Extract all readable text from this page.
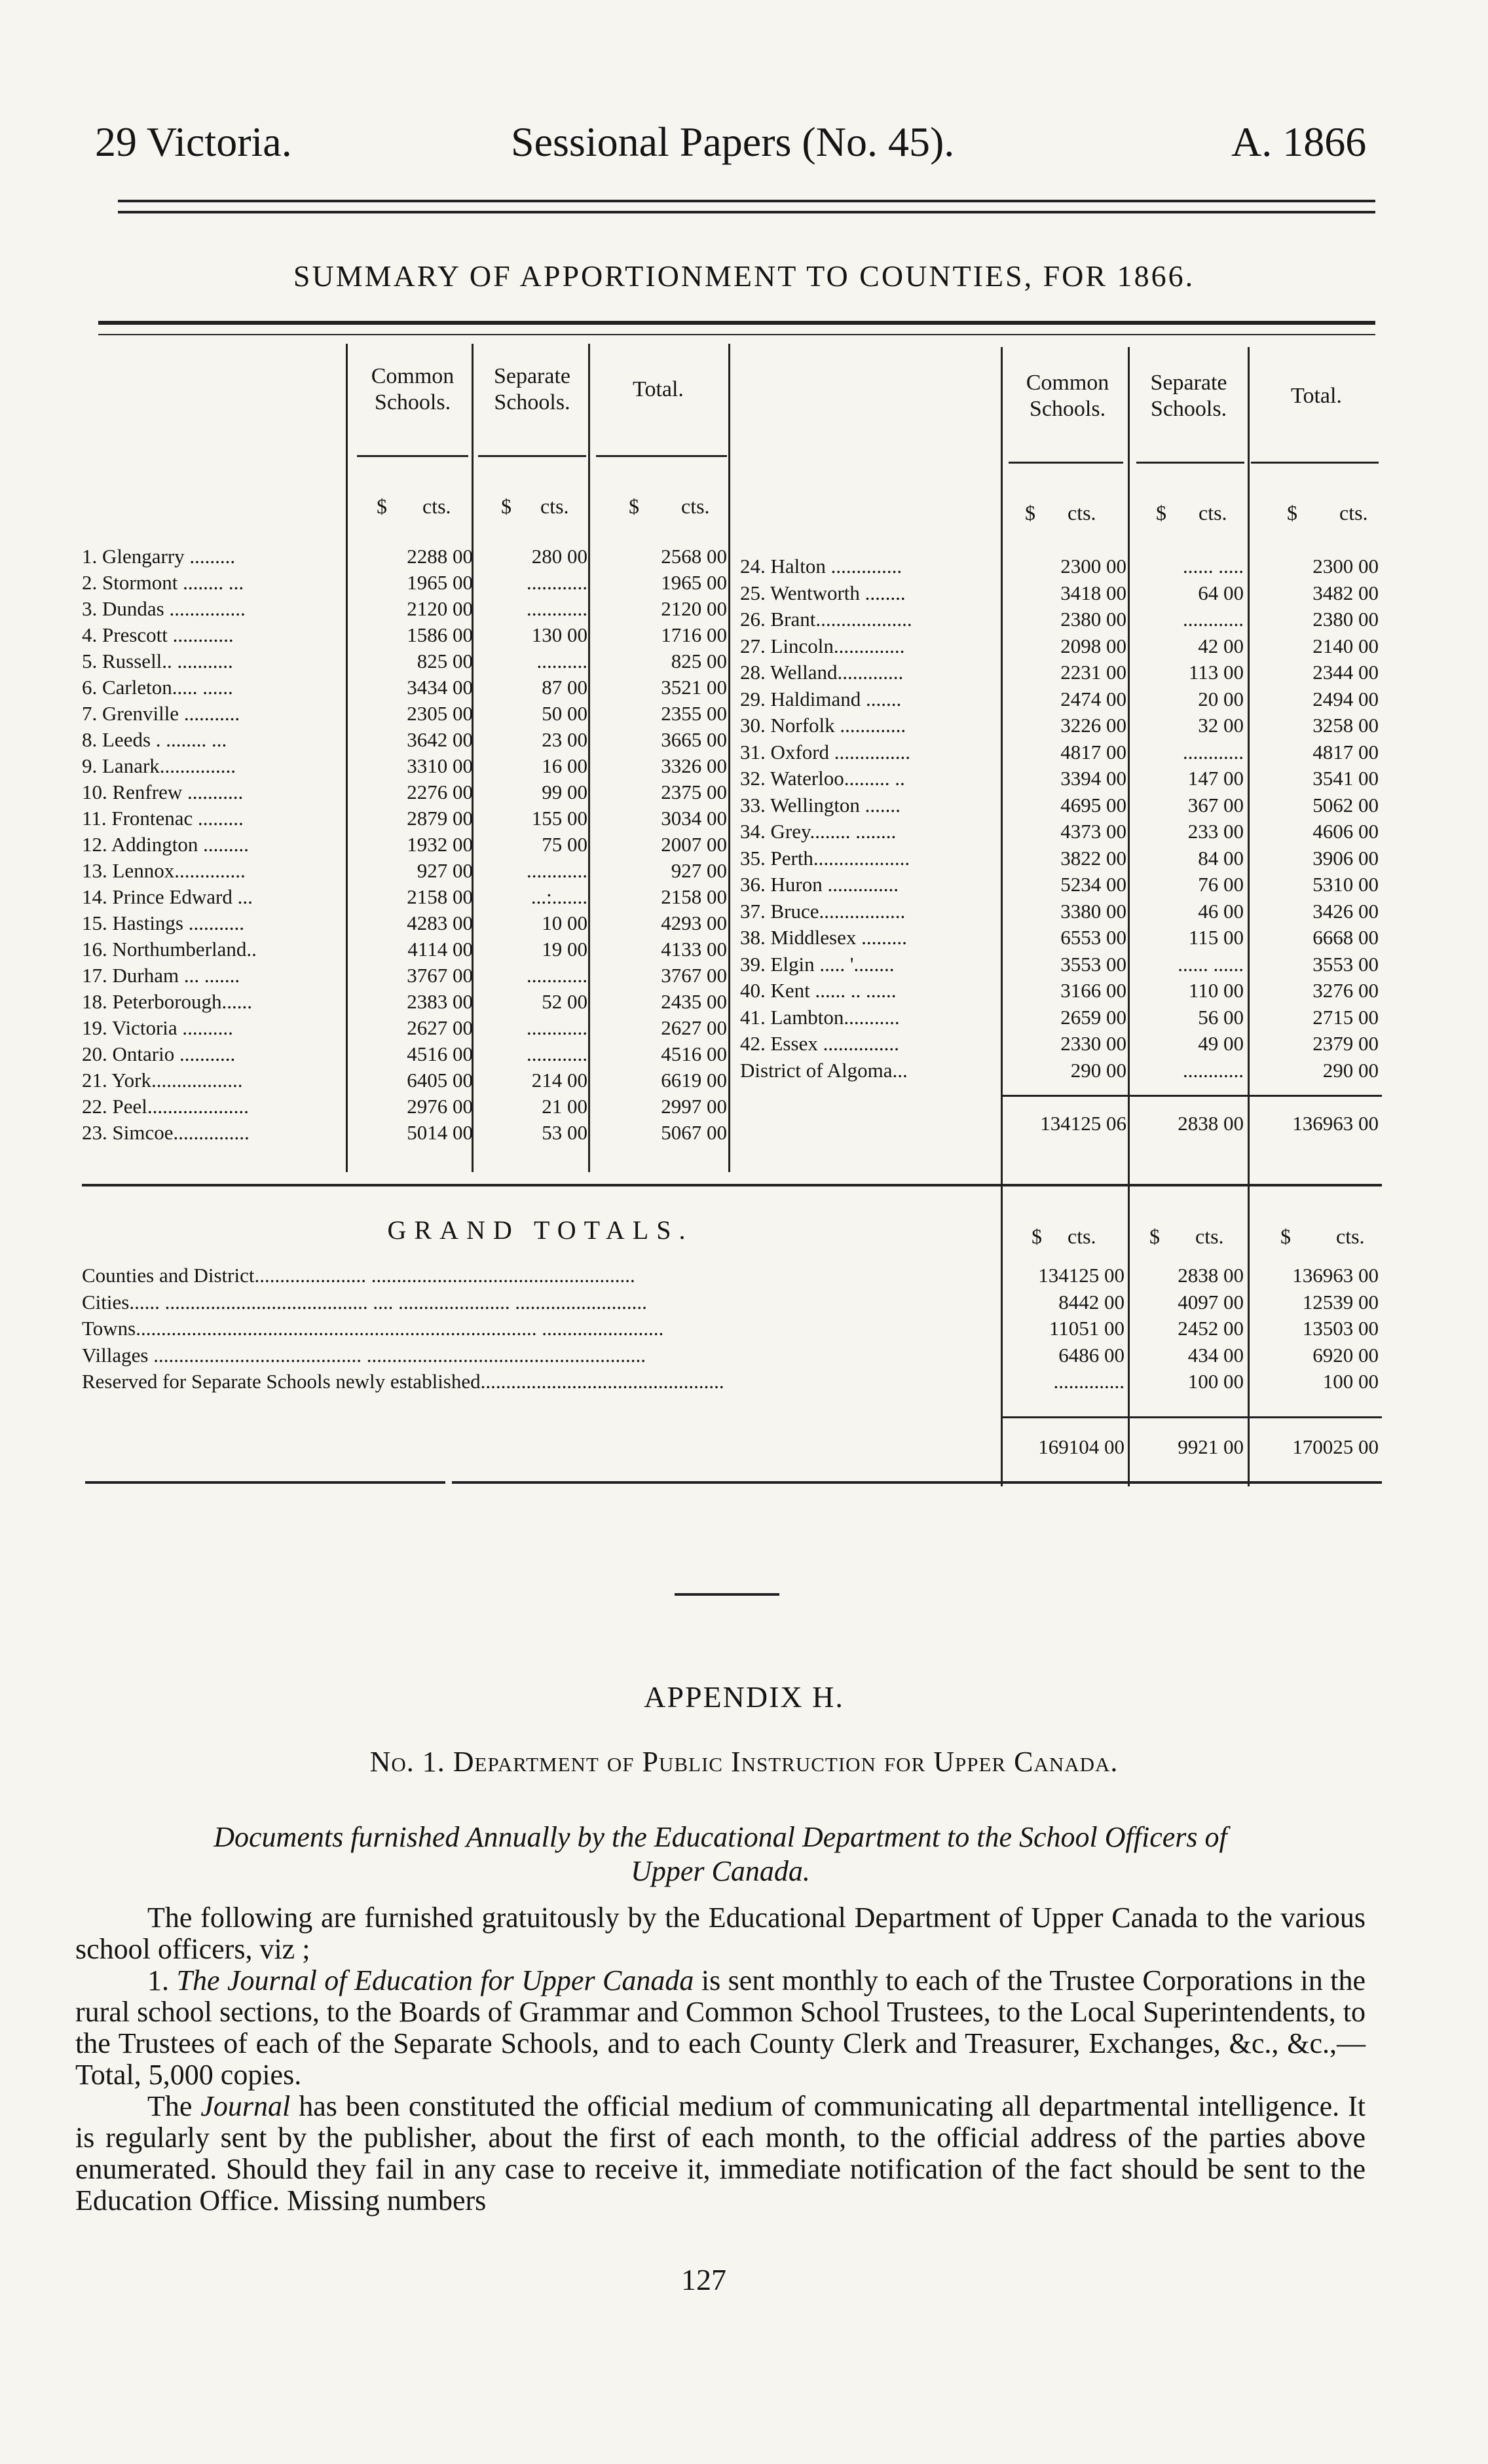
29 Victoria.	Sessional Papers (No. 45).	A. 1866
SUMMARY OF APPORTIONMENT TO COUNTIES, FOR 1866.
Common
Schools.
Separate
Schools.
Total.	Common
Schools.
Separate
Schools.
Total.
$ cts. $ cts.	$ cts.	$ cts.	$ cts.	$ cts.
1. Glengarry .........	2288 00	280 00	2568 00
2. Stormont ........ ...	1965 00	............	1965 00
3. Dundas ...............	2120 00	............	2120 00
4. Prescott ............	1586 00	130 00	1716 00
5. Russell.. ...........	825 00	..........	825 00
6. Carleton..... ......	3434 00	87 00	3521 00
7. Grenville ...........	2305 00	50 00	2355 00
8. Leeds . ........ ...	3642 00	23 00	3665 00
9. Lanark...............	3310 00	16 00	3326 00
10. Renfrew ...........	2276 00	99 00	2375 00
11. Frontenac .........	2879 00	155 00	3034 00
12. Addington .........	1932 00	75 00	2007 00
13. Lennox..............	927 00	............	927 00
14. Prince Edward ...	2158 00	...:.......	2158 00
15. Hastings ...........	4283 00	10 00	4293 00
16. Northumberland..	4114 00	19 00	4133 00
17. Durham ... .......	3767 00	............	3767 00
18. Peterborough......	2383 00	52 00	2435 00
19. Victoria ..........	2627 00	............	2627 00
20. Ontario ...........	4516 00	............	4516 00
21. York..................	6405 00	214 00	6619 00
22. Peel....................	2976 00	21 00	2997 00
23. Simcoe...............	5014 00	53 00	5067 00
24. Halton ..............	2300 00	...... .....	2300 00
25. Wentworth ........	3418 00	64 00	3482 00
26. Brant...................	2380 00	............	2380 00
27. Lincoln..............	2098 00	42 00	2140 00
28. Welland.............	2231 00	113 00	2344 00
29. Haldimand .......	2474 00	20 00	2494 00
30. Norfolk .............	3226 00	32 00	3258 00
31. Oxford ...............	4817 00	............	4817 00
32. Waterloo......... ..	3394 00	147 00	3541 00
33. Wellington .......	4695 00	367 00	5062 00
34. Grey........ ........	4373 00	233 00	4606 00
35. Perth...................	3822 00	84 00	3906 00
36. Huron ..............	5234 00	76 00	5310 00
37. Bruce.................	3380 00	46 00	3426 00
38. Middlesex .........	6553 00	115 00	6668 00
39. Elgin ..... '........	3553 00	...... ......	3553 00
40. Kent ...... .. ......	3166 00	110 00	3276 00
41. Lambton...........	2659 00	56 00	2715 00
42. Essex ...............	2330 00	49 00	2379 00
District of Algoma...	290 00	............	290 00
134125 06	2838 00	136963 00
GRAND TOTALS.	$ cts.	$ cts.	$ cts.
Counties and District...................... ....................................................	134125 00	2838 00	136963 00
Cities...... ........................................ .... ...................... ..........................	8442 00	4097 00	12539 00
Towns............................................................................... ........................	11051 00	2452 00	13503 00
Villages ......................................... .......................................................	6486 00	434 00	6920 00
Reserved for Separate Schools newly established................................................	..............	100 00	100 00
169104 00	9921 00	170025 00
APPENDIX H.
No. 1. Department of Public Instruction for Upper Canada.
Documents furnished Annually by the Educational Department to the School Officers of
Upper Canada.

The following are furnished gratuitously by the Educational Department of Upper Canada to the various school officers, viz ;

1. The Journal of Education for Upper Canada is sent monthly to each of the Trustee Corporations in the rural school sections, to the Boards of Grammar and Common School Trustees, to the Local Superintendents, to the Trustees of each of the Separate Schools, and to each County Clerk and Treasurer, Exchanges, &c., &c.,—Total, 5,000 copies.

The Journal has been constituted the official medium of communicating all departmental intelligence. It is regularly sent by the publisher, about the first of each month, to the official address of the parties above enumerated. Should they fail in any case to receive it, immediate notification of the fact should be sent to the Education Office. Missing numbers

127
